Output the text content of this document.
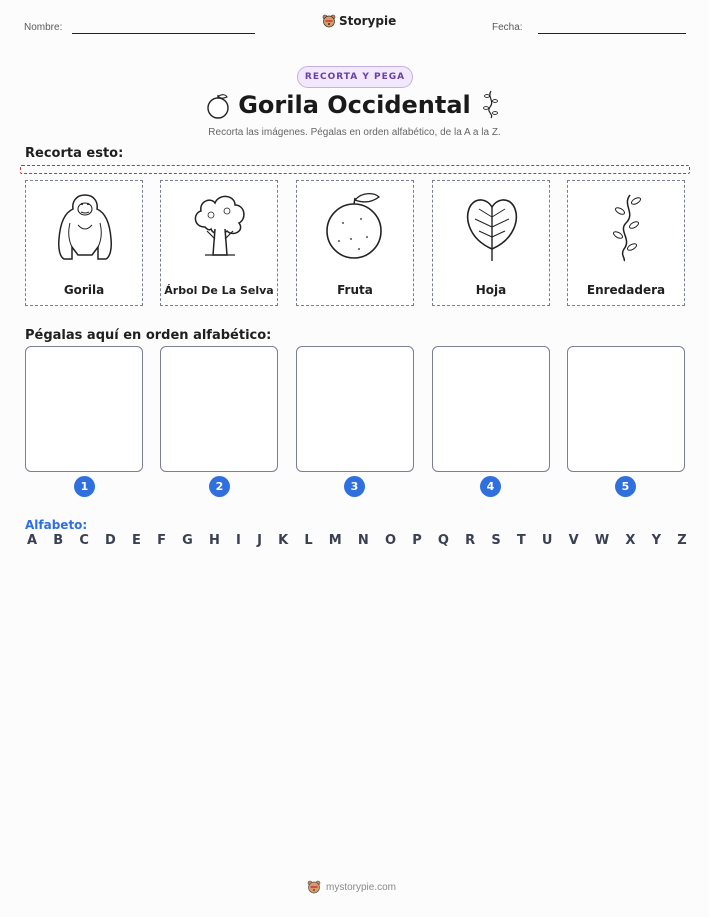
Nombre:	Storypie	Fecha:
RECORTA Y PEGA
Gorila Occidental
Recorta las imágenes. Pégalas en orden alfabético, de la A a la Z.
Recorta esto:
Gorila	Árbol De La Selva	Fruta	Hoja	Enredadera
Pégalas aquí en orden alfabético:
1	2	3	4	5
Alfabeto:
A B C D E F G H I J K L M N O P Q R S T U V W X Y Z
mystorypie.com
